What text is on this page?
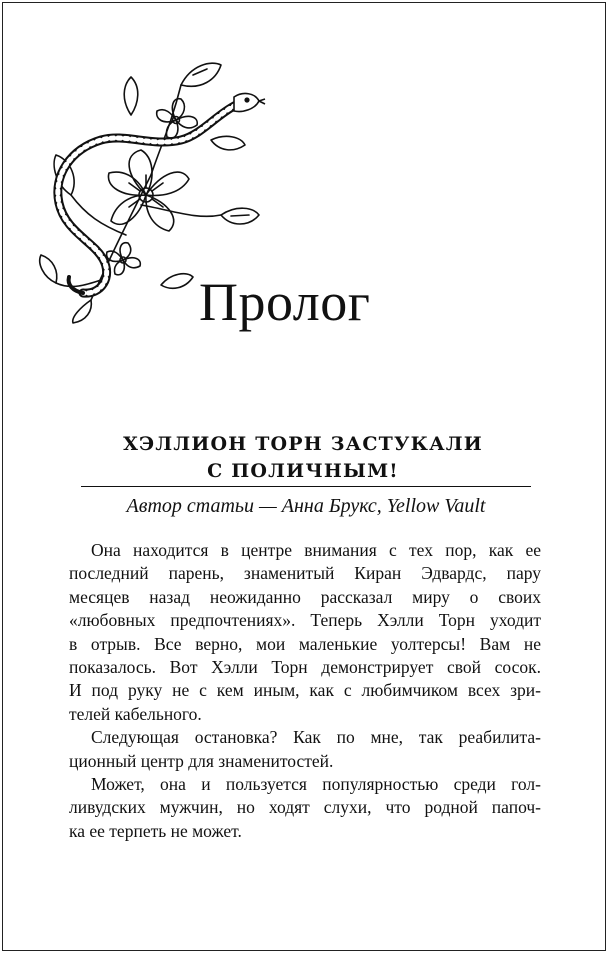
Пролог
ХЭЛЛИОН ТОРН ЗАСТУКАЛИ
С ПОЛИЧНЫМ!
Автор статьи — Анна Брукс, Yellow Vault

Она находится в центре внимания с тех пор, как ее
последний парень, знаменитый Киран Эдвардс, пару
месяцев назад неожиданно рассказал миру о своих
«любовных предпочтениях». Теперь Хэлли Торн уходит
в отрыв. Все верно, мои маленькие уолтерсы! Вам не
показалось. Вот Хэлли Торн демонстрирует свой сосок.
И под руку не с кем иным, как с любимчиком всех зри-
телей кабельного.

Следующая остановка? Как по мне, так реабилита-
ционный центр для знаменитостей.

Может, она и пользуется популярностью среди гол-
ливудских мужчин, но ходят слухи, что родной папоч-
ка ее терпеть не может.
